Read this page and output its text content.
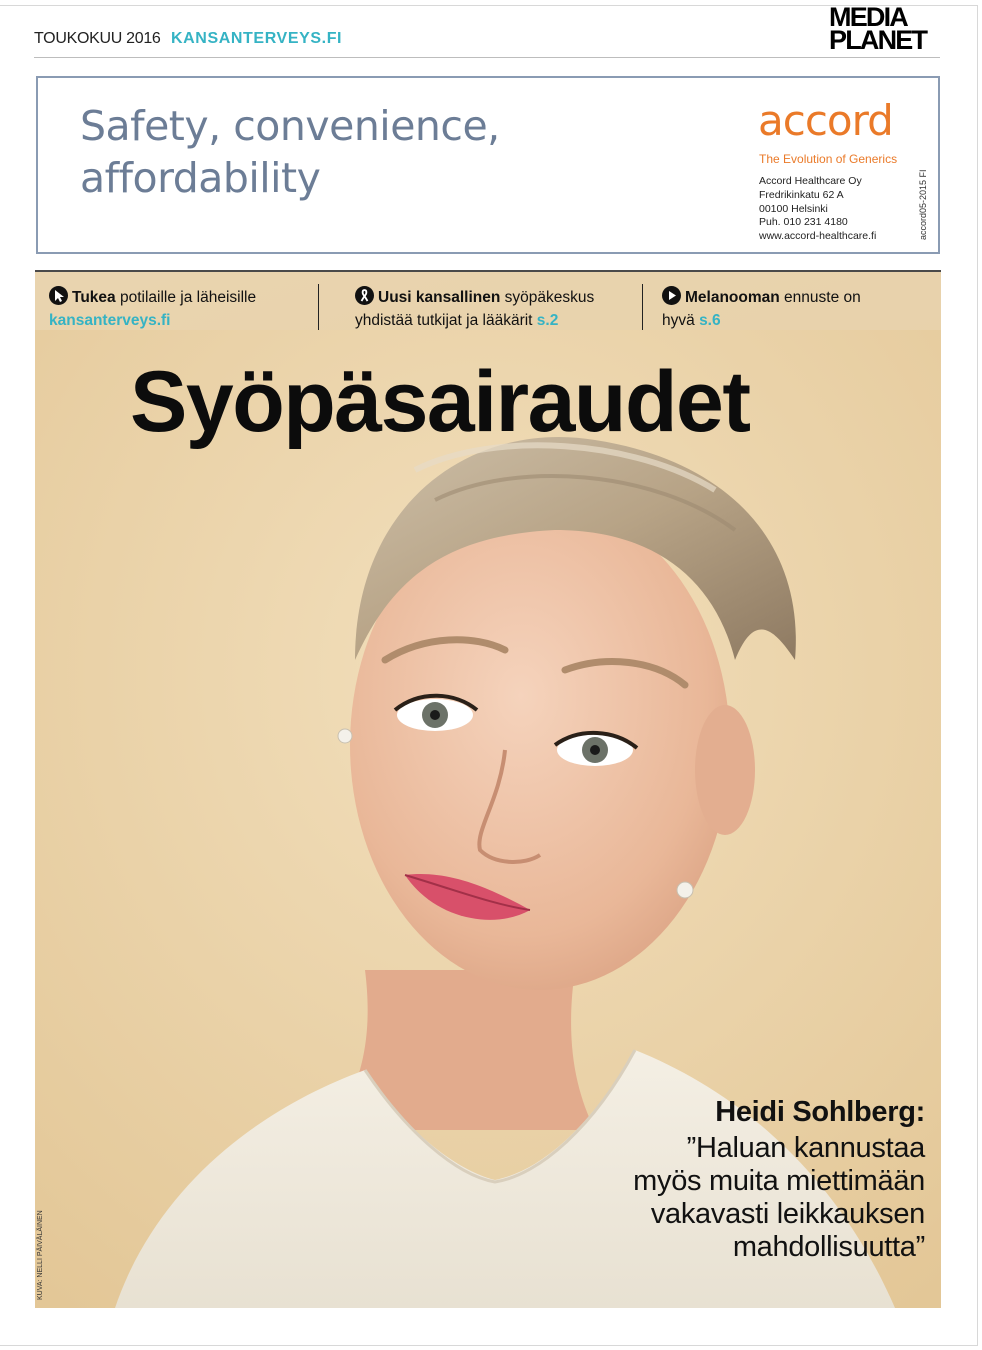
TOUKOKUU 2016 KANSANTERVEYS.FI
MEDIA
PLANET
Safety, convenience,
affordability
accord
The Evolution of Generics
Accord Healthcare Oy
Fredrikinkatu 62 A
00100 Helsinki
Puh. 010 231 4180
www.accord-healthcare.fi	accord05-2015 FI
Tukea potilaille ja läheisille
kansanterveys.fi
Uusi kansallinen syöpäkeskus
yhdistää tutkijat ja lääkärit s.2
Melanooman ennuste on
hyvä s.6
Syöpäsairaudet
Heidi Sohlberg:
”Haluan kannustaa
myös muita miettimään
vakavasti leikkauksen
mahdollisuutta”
KUVA: NELLI PÄIVÄLÄINEN
